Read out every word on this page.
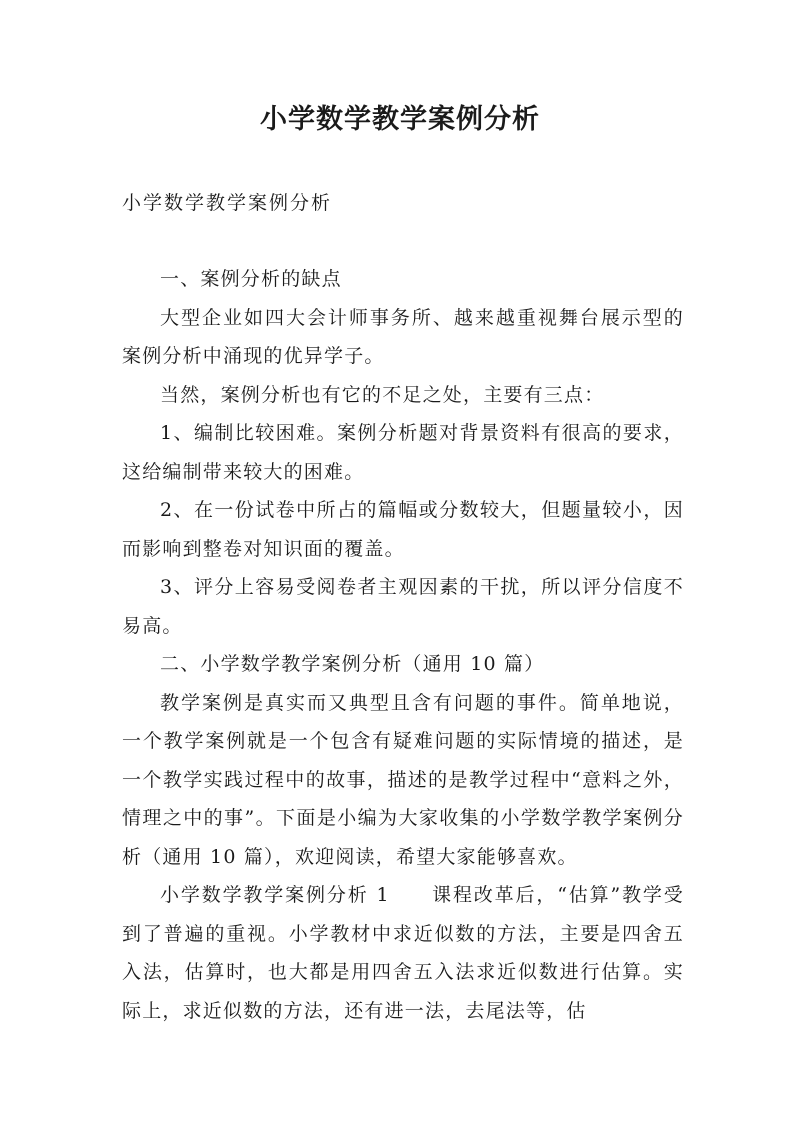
小学数学教学案例分析

小学数学教学案例分析

一、案例分析的缺点

大型企业如四大会计师事务所、越来越重视舞台展示型的案例分析中涌现的优异学子。

当然，案例分析也有它的不足之处，主要有三点：

1、编制比较困难。案例分析题对背景资料有很高的要求，这给编制带来较大的困难。

2、在一份试卷中所占的篇幅或分数较大，但题量较小，因而影响到整卷对知识面的覆盖。

3、评分上容易受阅卷者主观因素的干扰，所以评分信度不易高。

二、小学数学教学案例分析（通用 10 篇）

教学案例是真实而又典型且含有问题的事件。简单地说，一个教学案例就是一个包含有疑难问题的实际情境的描述，是一个教学实践过程中的故事，描述的是教学过程中“意料之外，情理之中的事”。下面是小编为大家收集的小学数学教学案例分析（通用 10 篇），欢迎阅读，希望大家能够喜欢。

小学数学教学案例分析 1　　课程改革后，“估算”教学受到了普遍的重视。小学教材中求近似数的方法，主要是四舍五入法，估算时，也大都是用四舍五入法求近似数进行估算。实际上，求近似数的方法，还有进一法，去尾法等，估
